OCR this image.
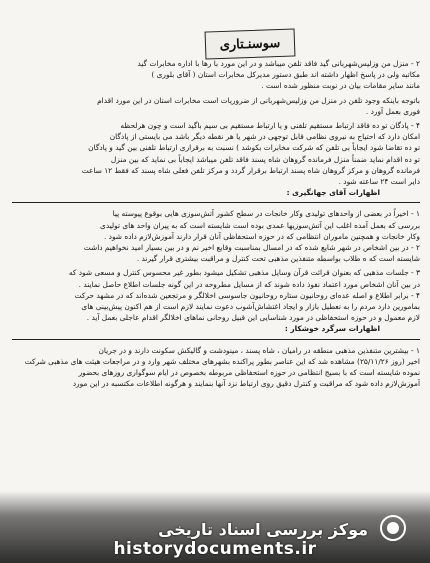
سوسنـتاری
۲ - منزل من وزلیس‌شهربانی گید فاقد تلفن میباشد و در این مورد با رها با اداره مخابرات گید
مکاتبه ولی در پاسخ اظهار داشته اند طبق دستور مدیرکل مخابرات استان ( آقای بلوری )
مانند سایر مقامات بیان در نوبت منظور شده است .
باتوجه باینکه وجود تلفن در منزل من وزلیس‌شهربانی از ضروریات است مخابرات استان در این مورد اقدام
فوری بعمل آورد .
۴ - پادگان تو ده فاقد ارتباط مستقیم تلفنی و یا ارتباط مستقیم بی سیم باگید است و چون هرلحظه
امکان دارد که احتیاج به نیروی نظامی قابل توجهی در شهر یا هر نقطه دیگر باشد می بایستی از پادگان
تو ده تقاضا شود ایجاباً بی تلفن که شرکت مخابرات بکوشد ) نسبت به برقراری ارتباط تلفنی بین گید و پادگان
تو ده اقدام نماید ضمناً منزل فرمانده گروهان شاه پسند فاقد تلفن میباشد ایجاباً بی نماید که بین منزل
فرمانده گروهان و مرکز گروهان شاه پسند ارتباط برقرار گردد و مرکز تلفن فعلی شاه پسند که فقط ۱۲ ساعت
دایر است ۲۴ ساعته شود .
اظهارات آقای جهانگیری :
۱ - اخیراً در بعضی از واحدهای تولیدی وکار خانجات در سطح کشور آتش‌سوزی هایی بوقوع پیوسته پیا
بررسی که بعمل آمده اغلب این آتش‌سوزیها عمدی بوده است شایسته است که به پیران واحد های تولیدی
وکار خانجات و همچنین ماموران انتظامی که در حوزه استحفاظی آنان قرار دارند آموزش‌لازم داده شود .
۲ - در بین اشخاص در شهر شایع شده که در امسال بمناسبت وقایع اخیر نم و در بین بسیار امید نخواهیم داشت
شایسته است که ه طلاب بواسطه متنفذین مذهبی تحت کنترل و مراقبت بیشتری قرار گیرند .
۳ - جلسات مذهبی که بعنوان قرائت قرآن وسایل مذهبی تشکیل میشود بطور غیر محسوس کنترل و مسعی شود که
در بین آنان اشخاص مورد اعتماد نفوذ داده شوند که از مسایل مطروحه در این گونه جلسات اطلاع حاصل نمایند .
۴ - برابر اطلاع و اصله عده‌ای روحانیون ستاره روحانیون جاسوسی اخلالگر و مرتجعین شده‌اند که در مشهد حرکت
بمامورین دارد مردم را به تعطیل بازار و ایجاد اغتشاش‌آشوب دعوت نمایند لازم است از هم اکنون پیش‌بینی های
لازم معمول و در حوزه استحفاظی در مورد شناسایی این قبیل روحانی نماهای اخلالگر اقدام عاجلی بعمل آید .
اظهارات سرگرد خوشکار :
۱ - بیشترین متنفذین مذهبی منطقه در رامیان ، شاه پسند ، مینودشت و گالیکش سکونت دارند و در جریان
اخیر (روز ۲۵/۱۱/۲۶) مشاهده شد که این عناصر بطور پراکنده بشهرهای مختلف شهر وارد و در مراجعات هیئت های مذهبی شرکت
نموده شایسته است که با بسیج انتظامی در حوزه استحفاظی مربوطه بخصوص در ایام سوگواری روزهای بحضور
آموزش‌لازم داده شود که مراقبت و کنترل دقیق روی ارتباط نزد آنها بنمایند و هرگونه اطلاعات مکتسبه در این مورد
موکز بررسی اسناد تاریخی
historydocuments.ir
